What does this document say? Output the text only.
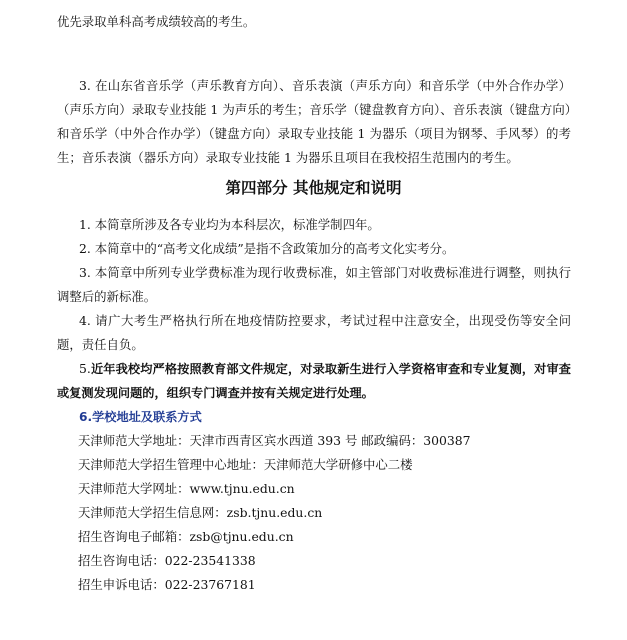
优先录取单科高考成绩较高的考生。

3. 在山东省音乐学（声乐教育方向）、音乐表演（声乐方向）和音乐学（中外合作办学）（声乐方向）录取专业技能 1 为声乐的考生；音乐学（键盘教育方向）、音乐表演（键盘方向）和音乐学（中外合作办学）（键盘方向）录取专业技能 1 为器乐（项目为钢琴、手风琴）的考生；音乐表演（器乐方向）录取专业技能 1 为器乐且项目在我校招生范围内的考生。

第四部分 其他规定和说明

1. 本简章所涉及各专业均为本科层次，标准学制四年。

2. 本简章中的“高考文化成绩”是指不含政策加分的高考文化实考分。

3. 本简章中所列专业学费标准为现行收费标准，如主管部门对收费标准进行调整，则执行调整后的新标准。

4. 请广大考生严格执行所在地疫情防控要求，考试过程中注意安全，出现受伤等安全问题，责任自负。

5.近年我校均严格按照教育部文件规定，对录取新生进行入学资格审查和专业复测，对审查或复测发现问题的，组织专门调查并按有关规定进行处理。

6.学校地址及联系方式

天津师范大学地址：天津市西青区宾水西道 393 号 邮政编码：300387

天津师范大学招生管理中心地址：天津师范大学研修中心二楼

天津师范大学网址：www.tjnu.edu.cn

天津师范大学招生信息网：zsb.tjnu.edu.cn

招生咨询电子邮箱：zsb@tjnu.edu.cn

招生咨询电话：022-23541338

招生申诉电话：022-23767181
